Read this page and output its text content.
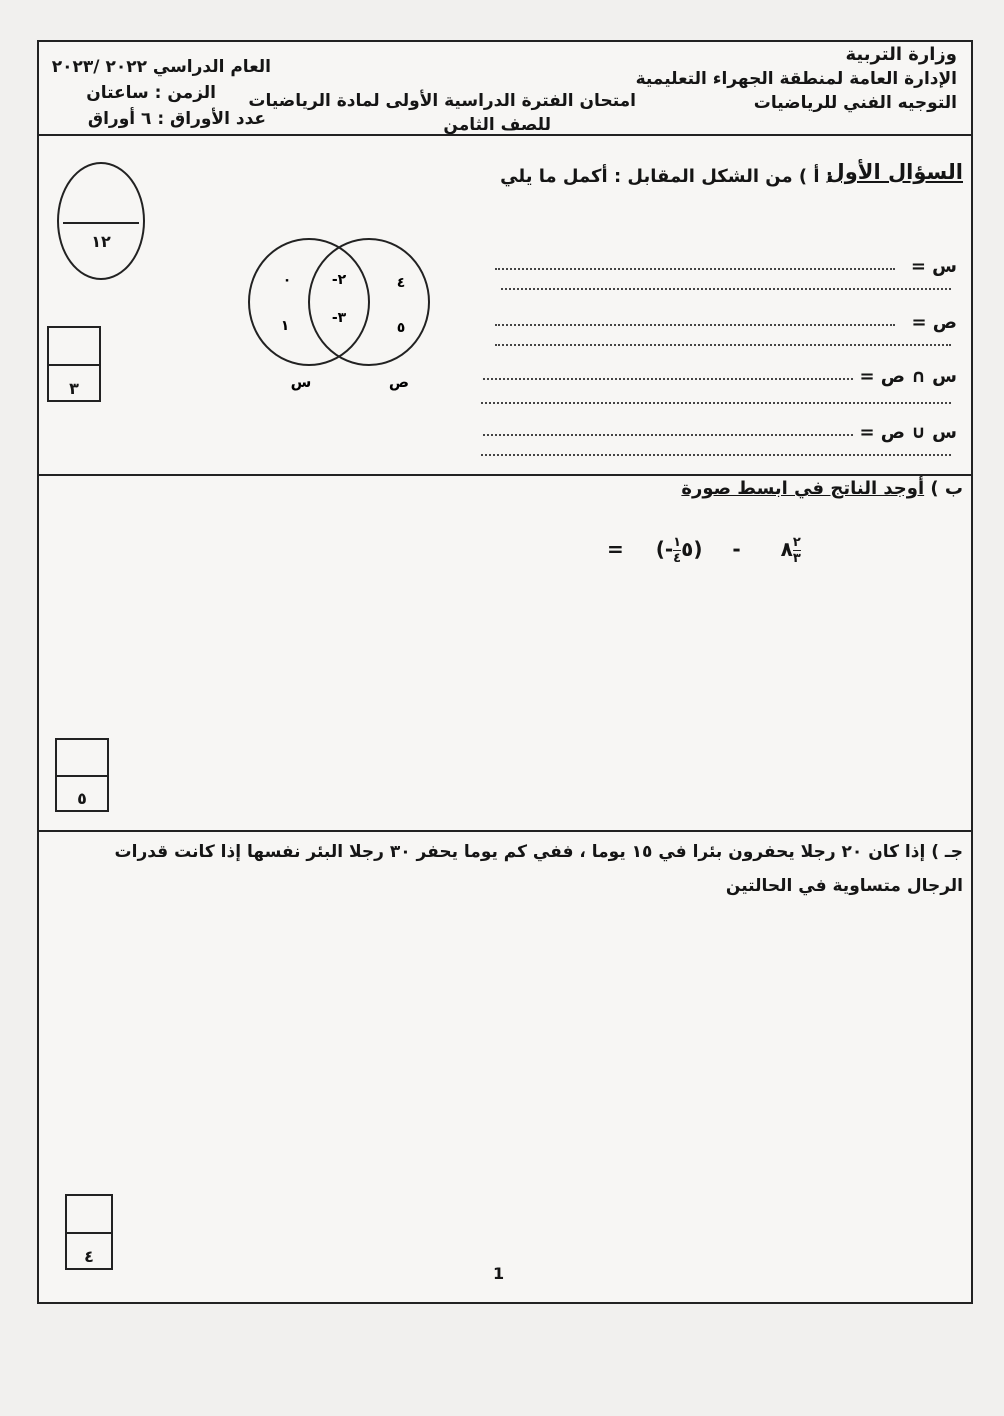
وزارة التربية
الإدارة العامة لمنطقة الجهراء التعليمية
التوجيه الفني للرياضيات
امتحان الفترة الدراسية الأولى لمادة الرياضيات
للصف الثامن
العام الدراسي ٢٠٢٢ /٢٠٢٣
الزمن : ساعتان
عدد الأوراق : ٦ أوراق
السؤال الأول
: أ ) من الشكل المقابل : أكمل ما يلي
١٢
٣
٠
١
٢-
٣-
٤
٥
س	ص
س =
ص =
س ∩ ص =
س ∪ ص =
ب ) أوجد الناتج في ابسط صورة
= (- $\frac{١}{٤}$ ٥) - ٨ $\frac{٢}{٣}$
٥
جـ ) إذا كان ٢٠ رجلا يحفرون بئرا في ١٥ يوما ، ففي كم يوما يحفر ٣٠ رجلا البئر نفسها إذا كانت قدرات
الرجال متساوية في الحالتين
٤
1
